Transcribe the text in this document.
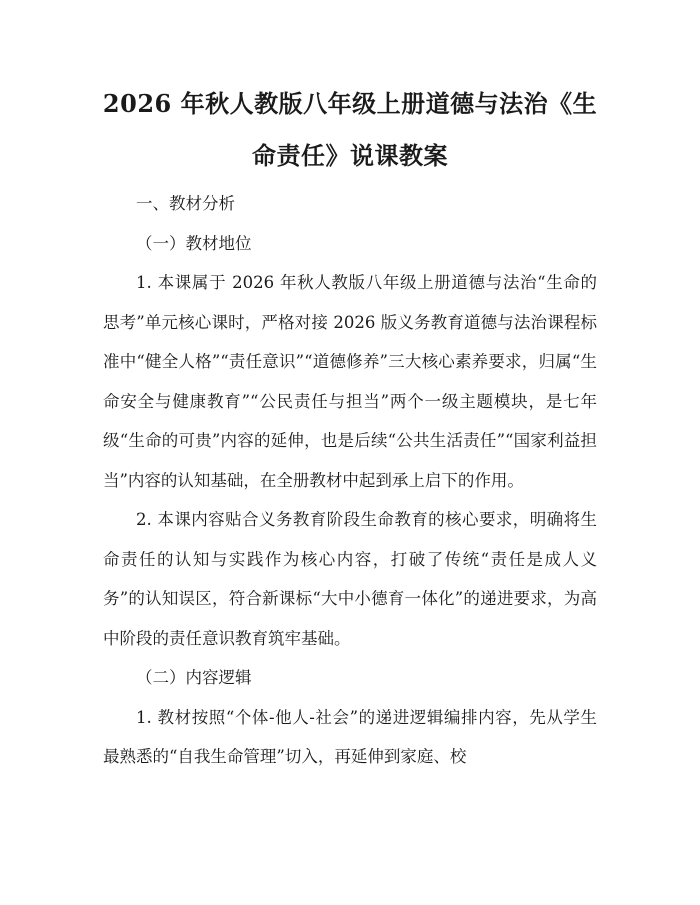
2026 年秋人教版八年级上册道德与法治《生
命责任》说课教案

一、教材分析

（一）教材地位

1. 本课属于 2026 年秋人教版八年级上册道德与法治“生命的思考”单元核心课时，严格对接 2026 版义务教育道德与法治课程标准中“健全人格”“责任意识”“道德修养”三大核心素养要求，归属“生命安全与健康教育”“公民责任与担当”两个一级主题模块，是七年级“生命的可贵”内容的延伸，也是后续“公共生活责任”“国家利益担当”内容的认知基础，在全册教材中起到承上启下的作用。

2. 本课内容贴合义务教育阶段生命教育的核心要求，明确将生命责任的认知与实践作为核心内容，打破了传统“责任是成人义务”的认知误区，符合新课标“大中小德育一体化”的递进要求，为高中阶段的责任意识教育筑牢基础。

（二）内容逻辑

1. 教材按照“个体-他人-社会”的递进逻辑编排内容，先从学生最熟悉的“自我生命管理”切入，再延伸到家庭、校
